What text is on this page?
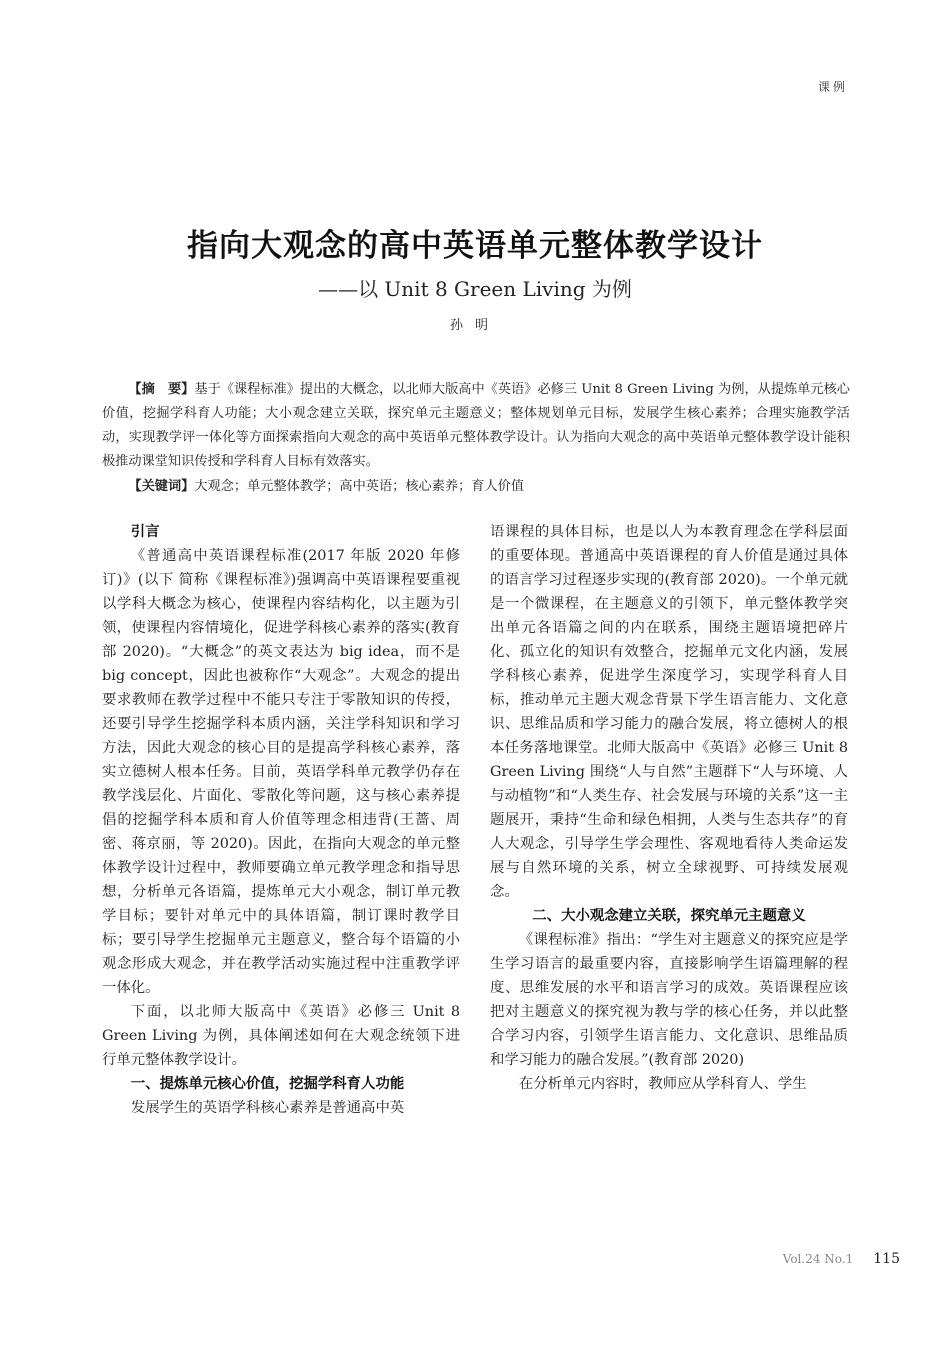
课例
指向大观念的高中英语单元整体教学设计
——以 Unit 8 Green Living 为例
孙明

【摘　要】基于《课程标准》提出的大概念，以北师大版高中《英语》必修三 Unit 8 Green Living 为例，从提炼单元核心价值，挖掘学科育人功能；大小观念建立关联，探究单元主题意义；整体规划单元目标，发展学生核心素养；合理实施教学活动，实现教学评一体化等方面探索指向大观念的高中英语单元整体教学设计。认为指向大观念的高中英语单元整体教学设计能积极推动课堂知识传授和学科育人目标有效落实。

【关键词】大观念；单元整体教学；高中英语；核心素养；育人价值

引言

《普通高中英语课程标准(2017 年版 2020 年修订)》(以下 简称《课程标准》)强调高中英语课程要重视以学科大概念为核心，使课程内容结构化，以主题为引领，使课程内容情境化，促进学科核心素养的落实(教育部 2020)。“大概念”的英文表达为 big idea，而不是 big concept，因此也被称作“大观念”。大观念的提出要求教师在教学过程中不能只专注于零散知识的传授，还要引导学生挖掘学科本质内涵，关注学科知识和学习方法，因此大观念的核心目的是提高学科核心素养，落实立德树人根本任务。目前，英语学科单元教学仍存在教学浅层化、片面化、零散化等问题，这与核心素养提倡的挖掘学科本质和育人价值等理念相违背(王蔷、周密、蒋京丽，等 2020)。因此，在指向大观念的单元整体教学设计过程中，教师要确立单元教学理念和指导思想，分析单元各语篇，提炼单元大小观念，制订单元教学目标；要针对单元中的具体语篇，制订课时教学目标；要引导学生挖掘单元主题意义，整合每个语篇的小观念形成大观念，并在教学活动实施过程中注重教学评一体化。

下面，以北师大版高中《英语》必修三 Unit 8 Green Living 为例，具体阐述如何在大观念统领下进行单元整体教学设计。

一、提炼单元核心价值，挖掘学科育人功能

发展学生的英语学科核心素养是普通高中英

语课程的具体目标，也是以人为本教育理念在学科层面的重要体现。普通高中英语课程的育人价值是通过具体的语言学习过程逐步实现的(教育部 2020)。一个单元就是一个微课程，在主题意义的引领下，单元整体教学突出单元各语篇之间的内在联系，围绕主题语境把碎片化、孤立化的知识有效整合，挖掘单元文化内涵，发展学科核心素养，促进学生深度学习，实现学科育人目标，推动单元主题大观念背景下学生语言能力、文化意识、思维品质和学习能力的融合发展，将立德树人的根本任务落地课堂。北师大版高中《英语》必修三 Unit 8 Green Living 围绕“人与自然”主题群下“人与环境、人与动植物”和“人类生存、社会发展与环境的关系”这一主题展开，秉持“生命和绿色相拥，人类与生态共存”的育人大观念，引导学生学会理性、客观地看待人类命运发展与自然环境的关系，树立全球视野、可持续发展观念。

二、大小观念建立关联，探究单元主题意义

《课程标准》指出：“学生对主题意义的探究应是学生学习语言的最重要内容，直接影响学生语篇理解的程度、思维发展的水平和语言学习的成效。英语课程应该把对主题意义的探究视为教与学的核心任务，并以此整合学习内容，引领学生语言能力、文化意识、思维品质和学习能力的融合发展。”(教育部 2020)

在分析单元内容时，教师应从学科育人、学生

Vol.24 No.1 115
